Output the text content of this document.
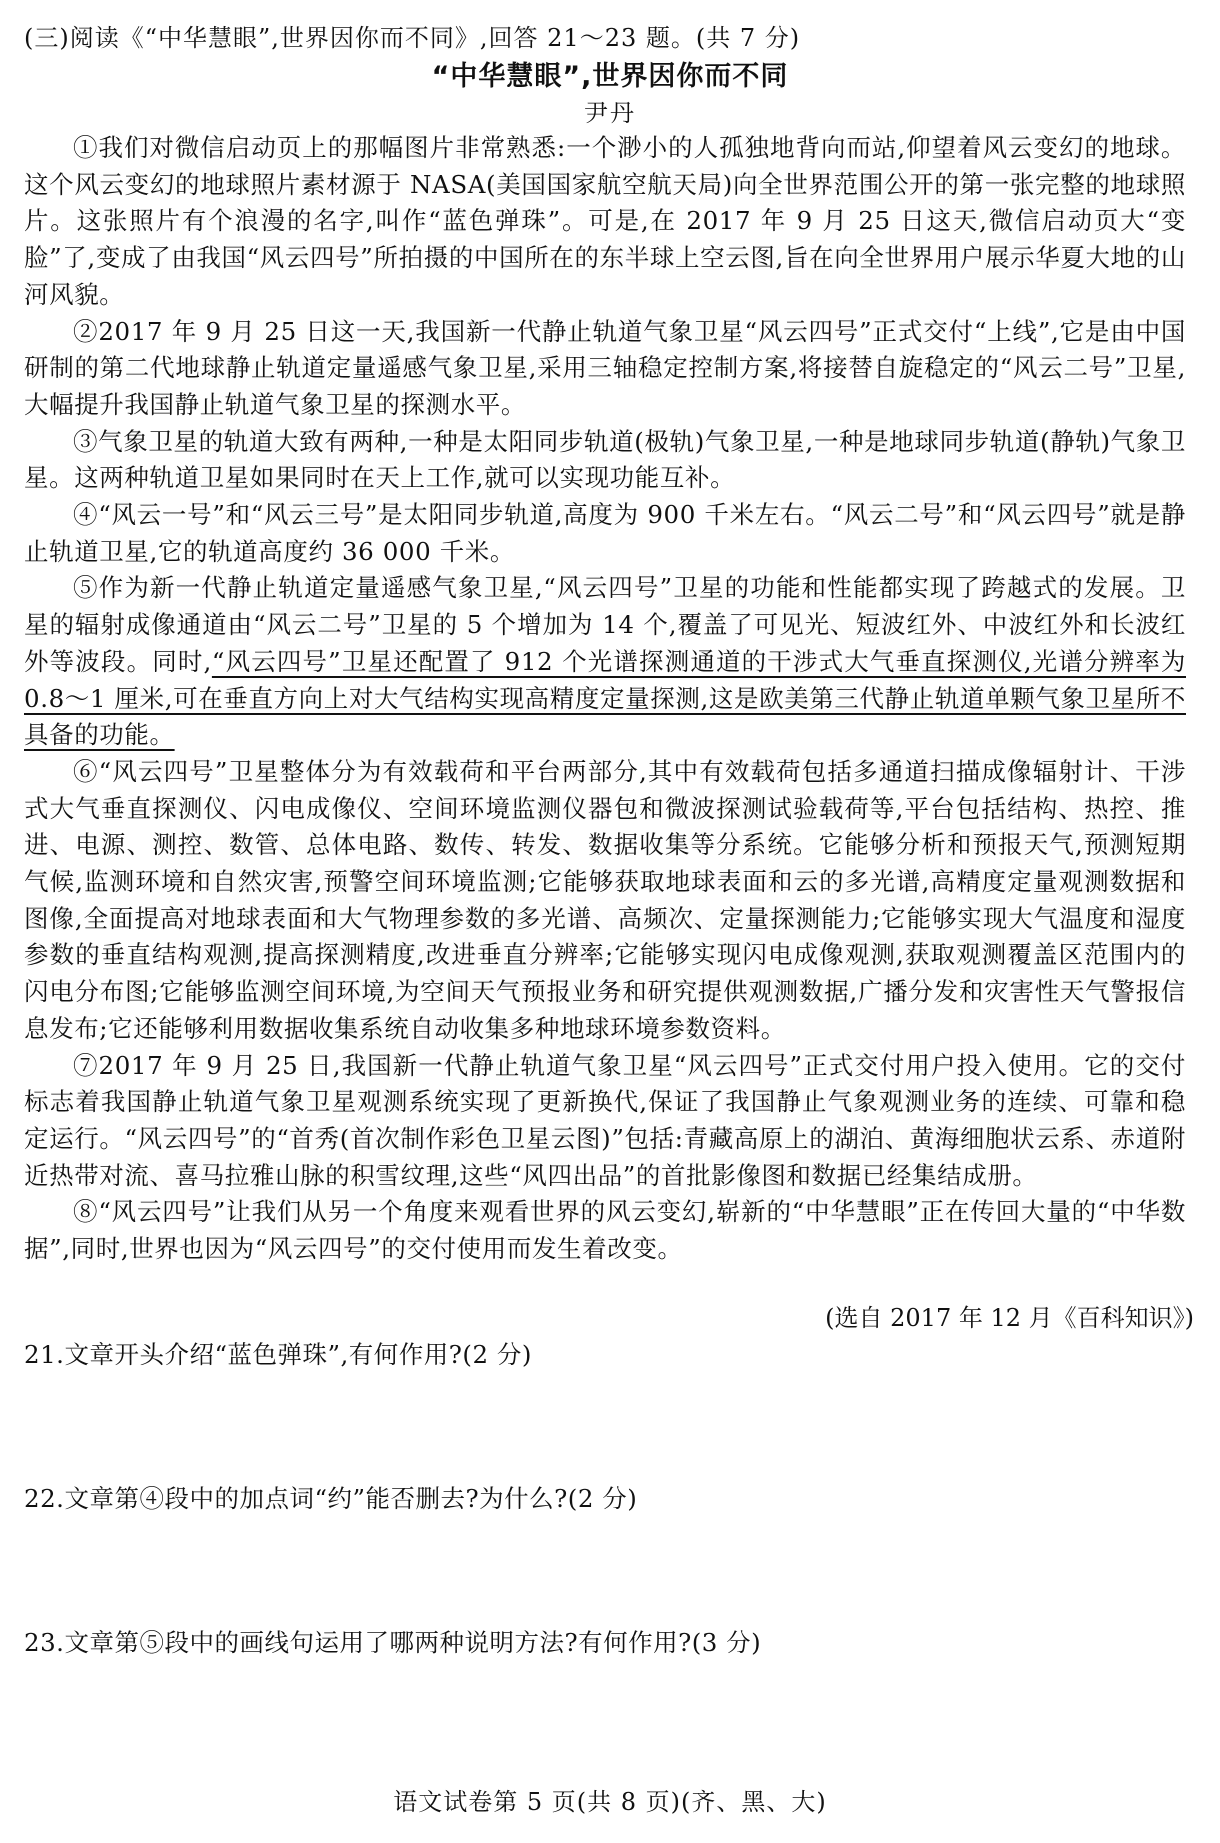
(三)阅读《“中华慧眼”,世界因你而不同》,回答 21～23 题。(共 7 分)
“中华慧眼”,世界因你而不同
尹丹

①我们对微信启动页上的那幅图片非常熟悉:一个渺小的人孤独地背向而站,仰望着风云变幻的地球。这个风云变幻的地球照片素材源于 NASA(美国国家航空航天局)向全世界范围公开的第一张完整的地球照片。这张照片有个浪漫的名字,叫作“蓝色弹珠”。可是,在 2017 年 9 月 25 日这天,微信启动页大“变脸”了,变成了由我国“风云四号”所拍摄的中国所在的东半球上空云图,旨在向全世界用户展示华夏大地的山河风貌。

②2017 年 9 月 25 日这一天,我国新一代静止轨道气象卫星“风云四号”正式交付“上线”,它是由中国研制的第二代地球静止轨道定量遥感气象卫星,采用三轴稳定控制方案,将接替自旋稳定的“风云二号”卫星,大幅提升我国静止轨道气象卫星的探测水平。

③气象卫星的轨道大致有两种,一种是太阳同步轨道(极轨)气象卫星,一种是地球同步轨道(静轨)气象卫星。这两种轨道卫星如果同时在天上工作,就可以实现功能互补。

④“风云一号”和“风云三号”是太阳同步轨道,高度为 900 千米左右。“风云二号”和“风云四号”就是静止轨道卫星,它的轨道高度约 36 000 千米。

⑤作为新一代静止轨道定量遥感气象卫星,“风云四号”卫星的功能和性能都实现了跨越式的发展。卫星的辐射成像通道由“风云二号”卫星的 5 个增加为 14 个,覆盖了可见光、短波红外、中波红外和长波红外等波段。同时,“风云四号”卫星还配置了 912 个光谱探测通道的干涉式大气垂直探测仪,光谱分辨率为 0.8～1 厘米,可在垂直方向上对大气结构实现高精度定量探测,这是欧美第三代静止轨道单颗气象卫星所不具备的功能。

⑥“风云四号”卫星整体分为有效载荷和平台两部分,其中有效载荷包括多通道扫描成像辐射计、干涉式大气垂直探测仪、闪电成像仪、空间环境监测仪器包和微波探测试验载荷等,平台包括结构、热控、推进、电源、测控、数管、总体电路、数传、转发、数据收集等分系统。它能够分析和预报天气,预测短期气候,监测环境和自然灾害,预警空间环境监测;它能够获取地球表面和云的多光谱,高精度定量观测数据和图像,全面提高对地球表面和大气物理参数的多光谱、高频次、定量探测能力;它能够实现大气温度和湿度参数的垂直结构观测,提高探测精度,改进垂直分辨率;它能够实现闪电成像观测,获取观测覆盖区范围内的闪电分布图;它能够监测空间环境,为空间天气预报业务和研究提供观测数据,广播分发和灾害性天气警报信息发布;它还能够利用数据收集系统自动收集多种地球环境参数资料。

⑦2017 年 9 月 25 日,我国新一代静止轨道气象卫星“风云四号”正式交付用户投入使用。它的交付标志着我国静止轨道气象卫星观测系统实现了更新换代,保证了我国静止气象观测业务的连续、可靠和稳定运行。“风云四号”的“首秀(首次制作彩色卫星云图)”包括:青藏高原上的湖泊、黄海细胞状云系、赤道附近热带对流、喜马拉雅山脉的积雪纹理,这些“风四出品”的首批影像图和数据已经集结成册。

⑧“风云四号”让我们从另一个角度来观看世界的风云变幻,崭新的“中华慧眼”正在传回大量的“中华数据”,同时,世界也因为“风云四号”的交付使用而发生着改变。

(选自 2017 年 12 月《百科知识》)
21.文章开头介绍“蓝色弹珠”,有何作用?(2 分)
22.文章第④段中的加点词“约”能否删去?为什么?(2 分)
23.文章第⑤段中的画线句运用了哪两种说明方法?有何作用?(3 分)
语文试卷第 5 页(共 8 页)(齐、黑、大)
